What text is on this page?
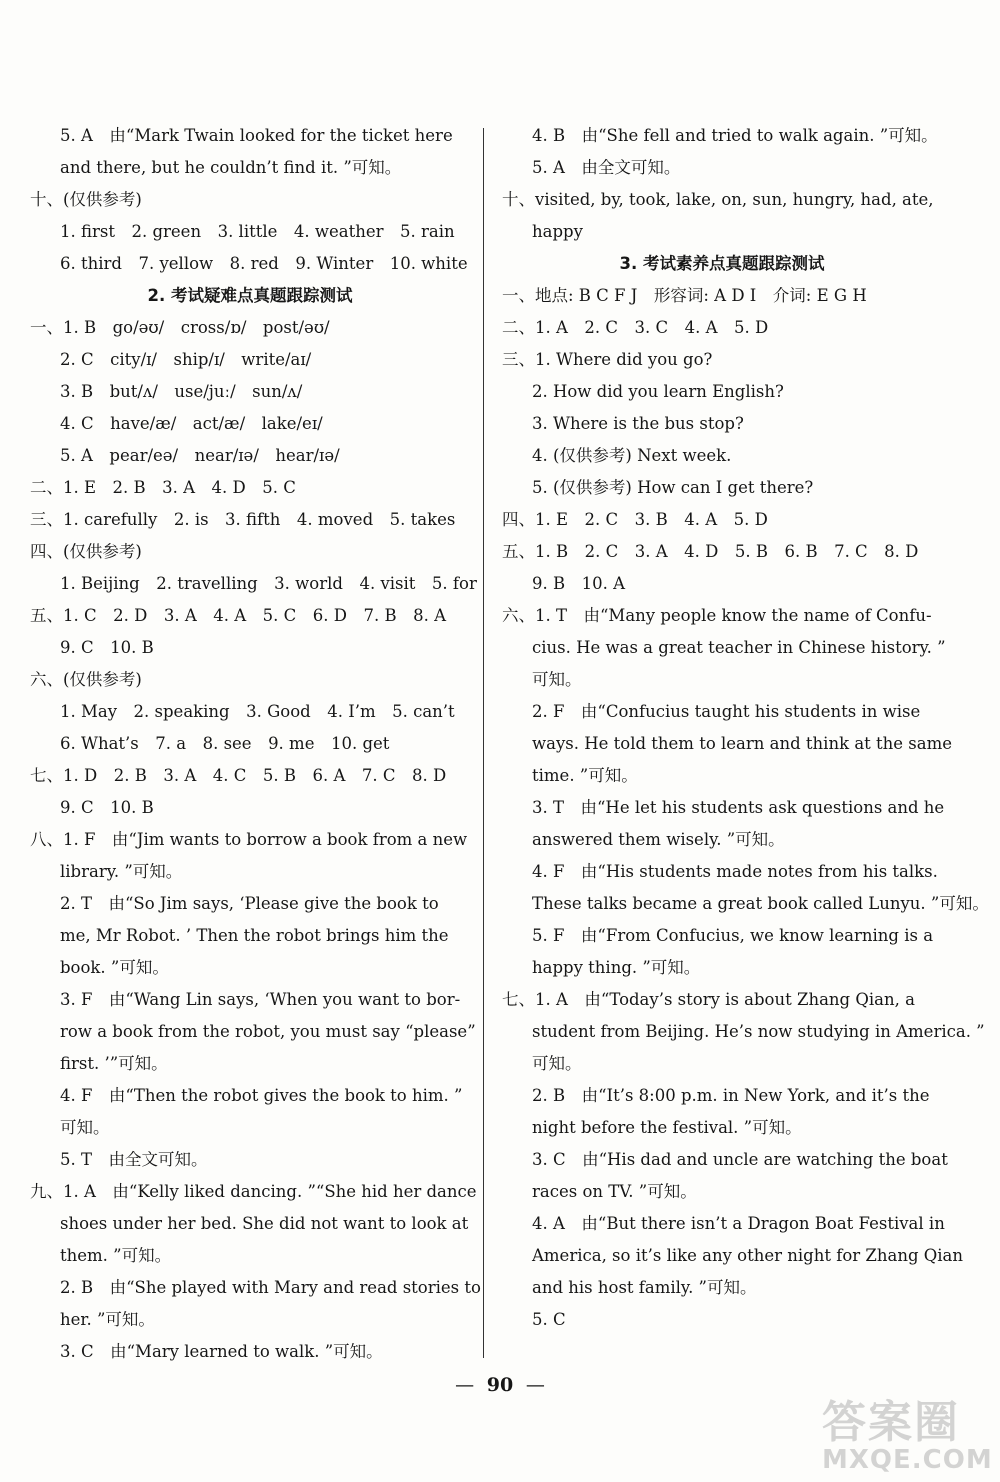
5. A　由“Mark Twain looked for the ticket here
and there, but he couldn’t find it. ”可知。
十、(仅供参考)
1. first　2. green　3. little　4. weather　5. rain
6. third　7. yellow　8. red　9. Winter　10. white
2. 考试疑难点真题跟踪测试
一、1. B　go/əʊ/　cross/ɒ/　post/əʊ/
2. C　city/ɪ/　ship/ɪ/　write/aɪ/
3. B　but/ʌ/　use/juː/　sun/ʌ/
4. C　have/æ/　act/æ/　lake/eɪ/
5. A　pear/eə/　near/ɪə/　hear/ɪə/
二、1. E　2. B　3. A　4. D　5. C
三、1. carefully　2. is　3. fifth　4. moved　5. takes
四、(仅供参考)
1. Beijing　2. travelling　3. world　4. visit　5. for
五、1. C　2. D　3. A　4. A　5. C　6. D　7. B　8. A
9. C　10. B
六、(仅供参考)
1. May　2. speaking　3. Good　4. I’m　5. can’t
6. What’s　7. a　8. see　9. me　10. get
七、1. D　2. B　3. A　4. C　5. B　6. A　7. C　8. D
9. C　10. B
八、1. F　由“Jim wants to borrow a book from a new
library. ”可知。
2. T　由“So Jim says, ‘Please give the book to
me, Mr Robot. ’ Then the robot brings him the
book. ”可知。
3. F　由“Wang Lin says, ‘When you want to bor-
row a book from the robot, you must say “please”
first. ’”可知。
4. F　由“Then the robot gives the book to him. ”
可知。
5. T　由全文可知。
九、1. A　由“Kelly liked dancing. ”“She hid her dance
shoes under her bed. She did not want to look at
them. ”可知。
2. B　由“She played with Mary and read stories to
her. ”可知。
3. C　由“Mary learned to walk. ”可知。
4. B　由“She fell and tried to walk again. ”可知。
5. A　由全文可知。
十、visited, by, took, lake, on, sun, hungry, had, ate,
happy
3. 考试素养点真题跟踪测试
一、地点: B C F J　形容词: A D I　介词: E G H
二、1. A　2. C　3. C　4. A　5. D
三、1. Where did you go?
2. How did you learn English?
3. Where is the bus stop?
4. (仅供参考) Next week.
5. (仅供参考) How can I get there?
四、1. E　2. C　3. B　4. A　5. D
五、1. B　2. C　3. A　4. D　5. B　6. B　7. C　8. D
9. B　10. A
六、1. T　由“Many people know the name of Confu-
cius. He was a great teacher in Chinese history. ”
可知。
2. F　由“Confucius taught his students in wise
ways. He told them to learn and think at the same
time. ”可知。
3. T　由“He let his students ask questions and he
answered them wisely. ”可知。
4. F　由“His students made notes from his talks.
These talks became a great book called Lunyu. ”可知。
5. F　由“From Confucius, we know learning is a
happy thing. ”可知。
七、1. A　由“Today’s story is about Zhang Qian, a
student from Beijing. He’s now studying in America. ”
可知。
2. B　由“It’s 8:00 p.m. in New York, and it’s the
night before the festival. ”可知。
3. C　由“His dad and uncle are watching the boat
races on TV. ”可知。
4. A　由“But there isn’t a Dragon Boat Festival in
America, so it’s like any other night for Zhang Qian
and his host family. ”可知。
5. C
— 90 —
答案圈
MXQE.COM
